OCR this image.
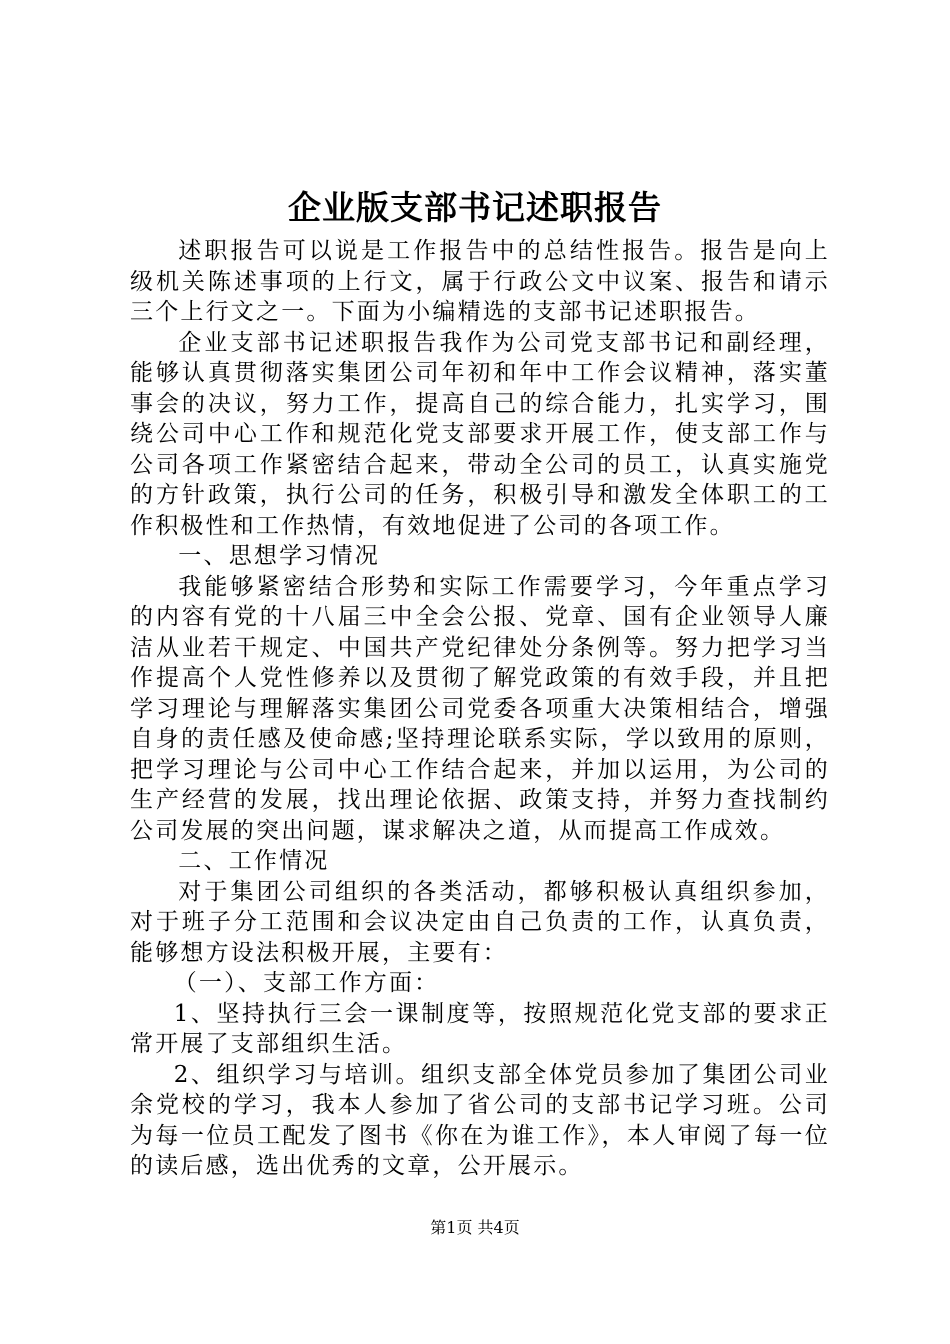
企业版支部书记述职报告

述职报告可以说是工作报告中的总结性报告。报告是向上级机关陈述事项的上行文，属于行政公文中议案、报告和请示三个上行文之一。下面为小编精选的支部书记述职报告。

企业支部书记述职报告我作为公司党支部书记和副经理，能够认真贯彻落实集团公司年初和年中工作会议精神，落实董事会的决议，努力工作，提高自己的综合能力，扎实学习，围绕公司中心工作和规范化党支部要求开展工作，使支部工作与公司各项工作紧密结合起来，带动全公司的员工，认真实施党的方针政策，执行公司的任务，积极引导和激发全体职工的工作积极性和工作热情，有效地促进了公司的各项工作。

一、思想学习情况

我能够紧密结合形势和实际工作需要学习，今年重点学习的内容有党的十八届三中全会公报、党章、国有企业领导人廉洁从业若干规定、中国共产党纪律处分条例等。努力把学习当作提高个人党性修养以及贯彻了解党政策的有效手段，并且把学习理论与理解落实集团公司党委各项重大决策相结合，增强自身的责任感及使命感;坚持理论联系实际，学以致用的原则，把学习理论与公司中心工作结合起来，并加以运用，为公司的生产经营的发展，找出理论依据、政策支持，并努力查找制约公司发展的突出问题，谋求解决之道，从而提高工作成效。

二、工作情况

对于集团公司组织的各类活动，都够积极认真组织参加，对于班子分工范围和会议决定由自己负责的工作，认真负责，能够想方设法积极开展，主要有：

（一）、支部工作方面：

1、坚持执行三会一课制度等，按照规范化党支部的要求正常开展了支部组织生活。

2、组织学习与培训。组织支部全体党员参加了集团公司业余党校的学习，我本人参加了省公司的支部书记学习班。公司为每一位员工配发了图书《你在为谁工作》，本人审阅了每一位的读后感，选出优秀的文章，公开展示。

第1页 共4页
